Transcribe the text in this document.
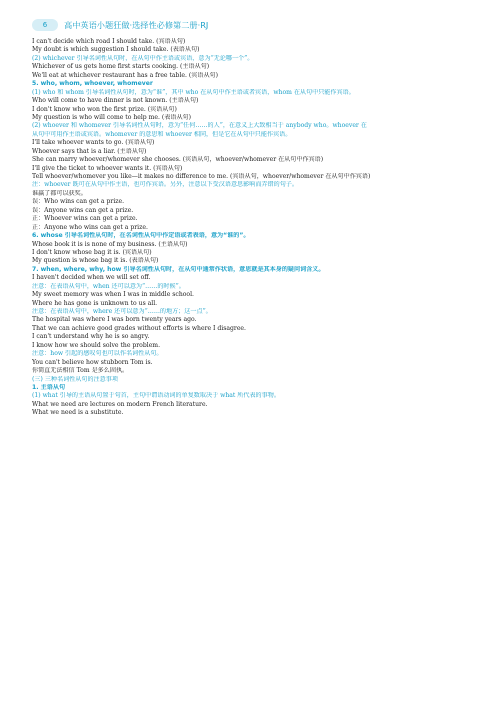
6	高中英语小题狂做·选择性必修第二册·RJ
I can't decide which road I should take. (宾语从句)
My doubt is which suggestion I should take. (表语从句)
(2) whichever 引导名词性从句时，在从句中作主语或宾语，意为“无论哪一个”。
Whichever of us gets home first starts cooking. (主语从句)
We'll eat at whichever restaurant has a free table. (宾语从句)
5. who, whom, whoever, whomever
(1) who 和 whom 引导名词性从句时，意为“谁”，其中 who 在从句中作主语或者宾语，whom 在从句中只能作宾语。
Who will come to have dinner is not known. (主语从句)
I don't know who won the first prize. (宾语从句)
My question is who will come to help me. (表语从句)
(2) whoever 和 whomever 引导名词性从句时，意为“任何……的人”，在意义上大致相当于 anybody who。whoever 在
从句中可用作主语或宾语。whomever 的意思和 whoever 相同，但是它在从句中只能作宾语。
I'll take whoever wants to go. (宾语从句)
Whoever says that is a liar. (主语从句)
She can marry whoever/whomever she chooses. (宾语从句，whoever/whomever 在从句中作宾语)
I'll give the ticket to whoever wants it. (宾语从句)
Tell whoever/whomever you like—it makes no difference to me. (宾语从句，whoever/whomever 在从句中作宾语)
注：whoever 既可在从句中作主语，也可作宾语。另外，注意以下受汉语意思影响而弄错的句子。
谁赢了都可以获奖。
误：Who wins can get a prize.
误：Anyone wins can get a prize.
正：Whoever wins can get a prize.
正：Anyone who wins can get a prize.
6. whose 引导名词性从句时，在名词性从句中作定语或者表语，意为“谁的”。
Whose book it is is none of my business. (主语从句)
I don't know whose bag it is. (宾语从句)
My question is whose bag it is. (表语从句)
7. when, where, why, how 引导名词性从句时，在从句中通常作状语，意思就是其本身的疑问词含义。
I haven't decided when we will set off.
注意：在表语从句中，when 还可以意为“……的时候”。
My sweet memory was when I was in middle school.
Where he has gone is unknown to us all.
注意：在表语从句中，where 还可以意为“……的地方；这一点”。
The hospital was where I was born twenty years ago.
That we can achieve good grades without efforts is where I disagree.
I can't understand why he is so angry.
I know how we should solve the problem.
注意：how 引起的感叹句也可以作名词性从句。
You can't believe how stubborn Tom is.
你简直无法相信 Tom 是多么固执。
(三) 三种名词性从句的注意事项
1. 主语从句
(1) what 引导的主语从句置于句首，主句中谓语动词的单复数取决于 what 所代表的事物。
What we need are lectures on modern French literature.
What we need is a substitute.
